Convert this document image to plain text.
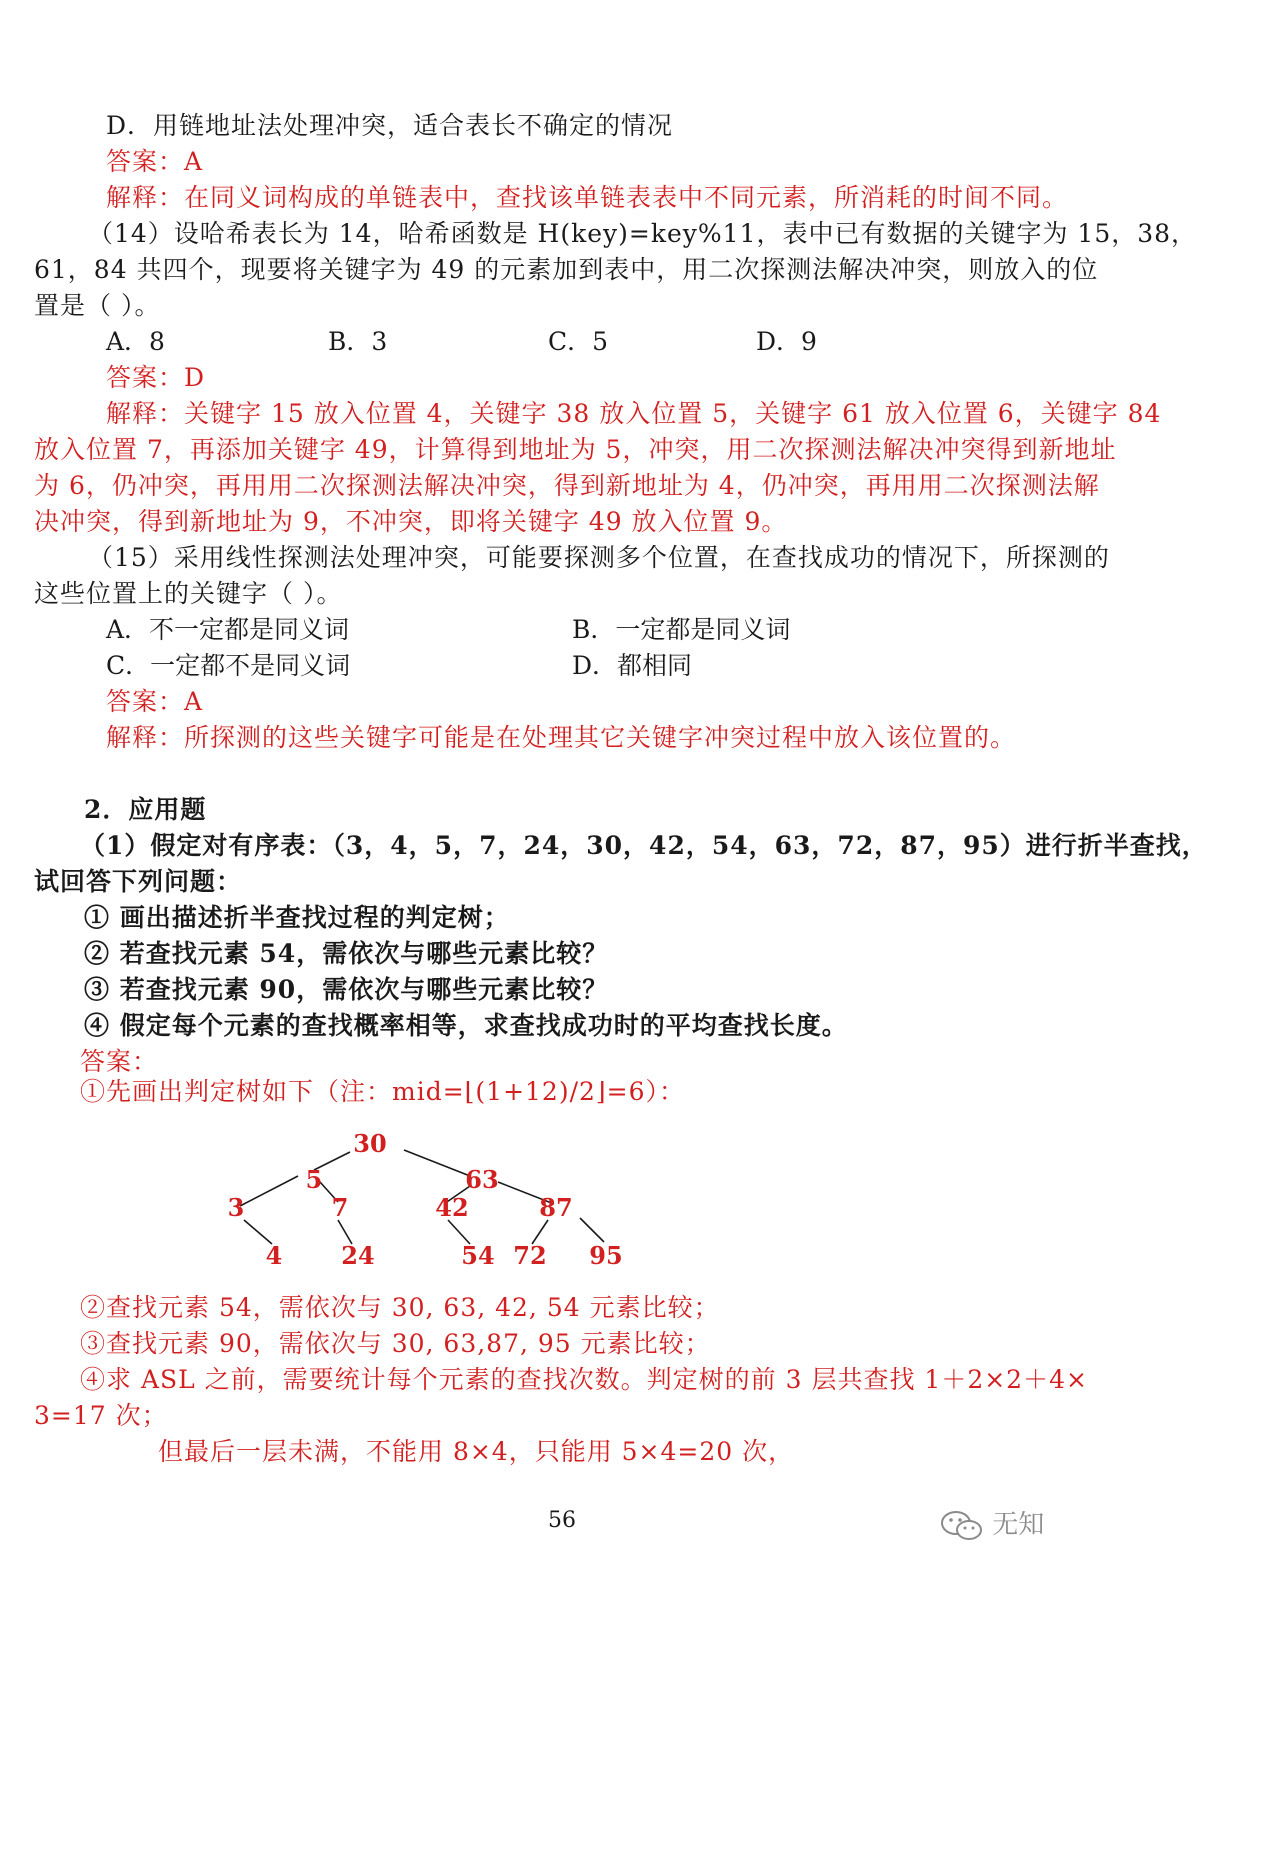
D．用链地址法处理冲突，适合表长不确定的情况
答案：A
解释：在同义词构成的单链表中，查找该单链表表中不同元素，所消耗的时间不同。
（14）设哈希表长为 14，哈希函数是 H(key)=key%11，表中已有数据的关键字为 15，38，
61，84 共四个，现要将关键字为 49 的元素加到表中，用二次探测法解决冲突，则放入的位
置是（ ）。
A．8	B．3	C．5	D．9
答案：D
解释：关键字 15 放入位置 4，关键字 38 放入位置 5，关键字 61 放入位置 6，关键字 84
放入位置 7，再添加关键字 49，计算得到地址为 5，冲突，用二次探测法解决冲突得到新地址
为 6，仍冲突，再用用二次探测法解决冲突，得到新地址为 4，仍冲突，再用用二次探测法解
决冲突，得到新地址为 9，不冲突，即将关键字 49 放入位置 9。
（15）采用线性探测法处理冲突，可能要探测多个位置，在查找成功的情况下，所探测的
这些位置上的关键字（ ）。
A．不一定都是同义词	B．一定都是同义词
C．一定都不是同义词	D．都相同
答案：A
解释：所探测的这些关键字可能是在处理其它关键字冲突过程中放入该位置的。
2．应用题
（1）假定对有序表：（3，4，5，7，24，30，42，54，63，72，87，95）进行折半查找，
试回答下列问题：
① 画出描述折半查找过程的判定树；
② 若查找元素 54，需依次与哪些元素比较？
③ 若查找元素 90，需依次与哪些元素比较？
④ 假定每个元素的查找概率相等，求查找成功时的平均查找长度。
答案：
①先画出判定树如下（注：mid=⌊(1+12)/2⌋=6）：
30
5	63
3	7	42	87
4 24	54 72 95
②查找元素 54，需依次与 30, 63, 42, 54 元素比较；
③查找元素 90，需依次与 30, 63,87, 95 元素比较；
④求 ASL 之前，需要统计每个元素的查找次数。判定树的前 3 层共查找 1＋2×2＋4×
3=17 次；
但最后一层未满，不能用 8×4，只能用 5×4=20 次，
56	无知
